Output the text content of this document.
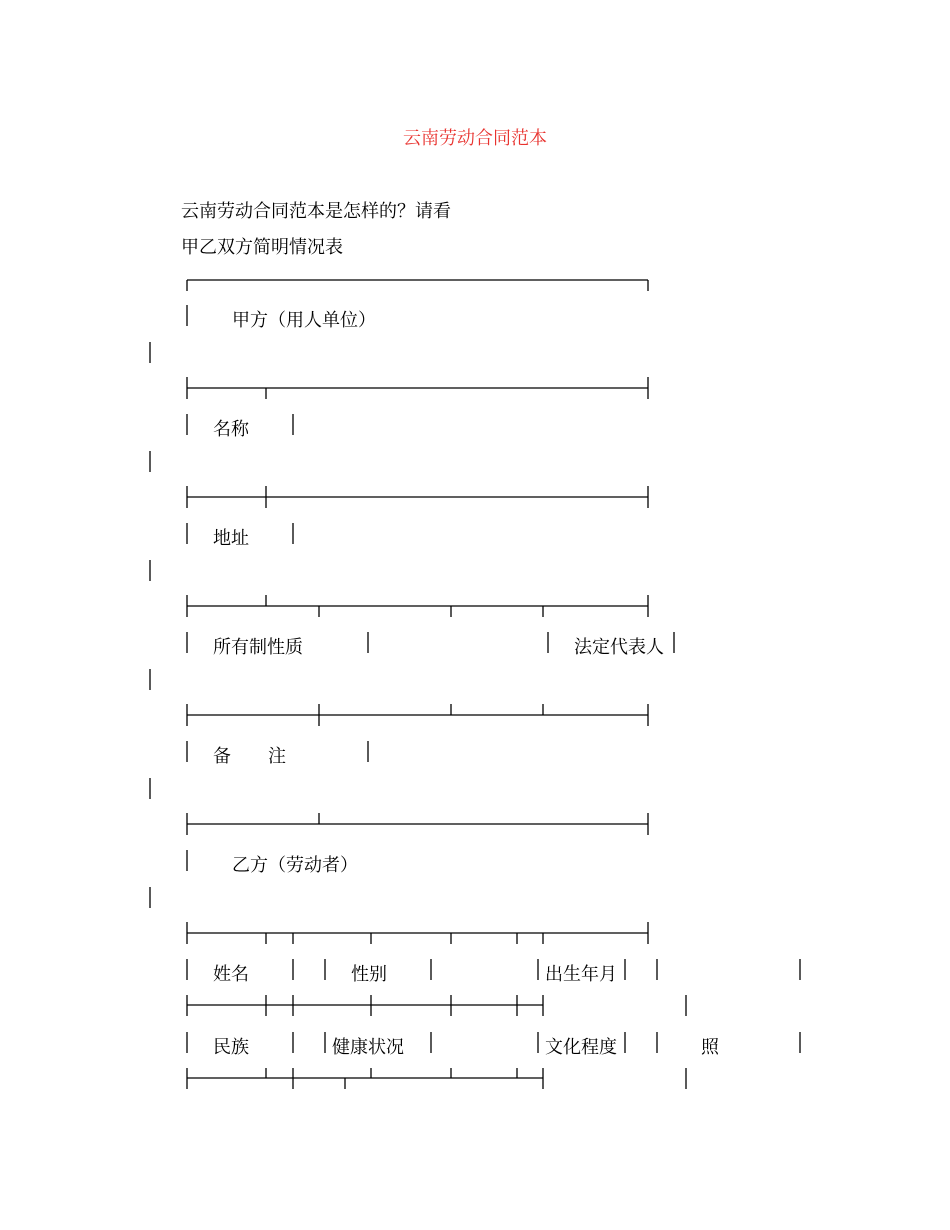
云南劳动合同范本
云南劳动合同范本是怎样的？请看
甲乙双方简明情况表
甲方（用人单位）
名称
地址
所有制性质	法定代表人
备 注
乙方（劳动者）
姓名	性别	出生年月
民族	健康状况	文化程度	照
